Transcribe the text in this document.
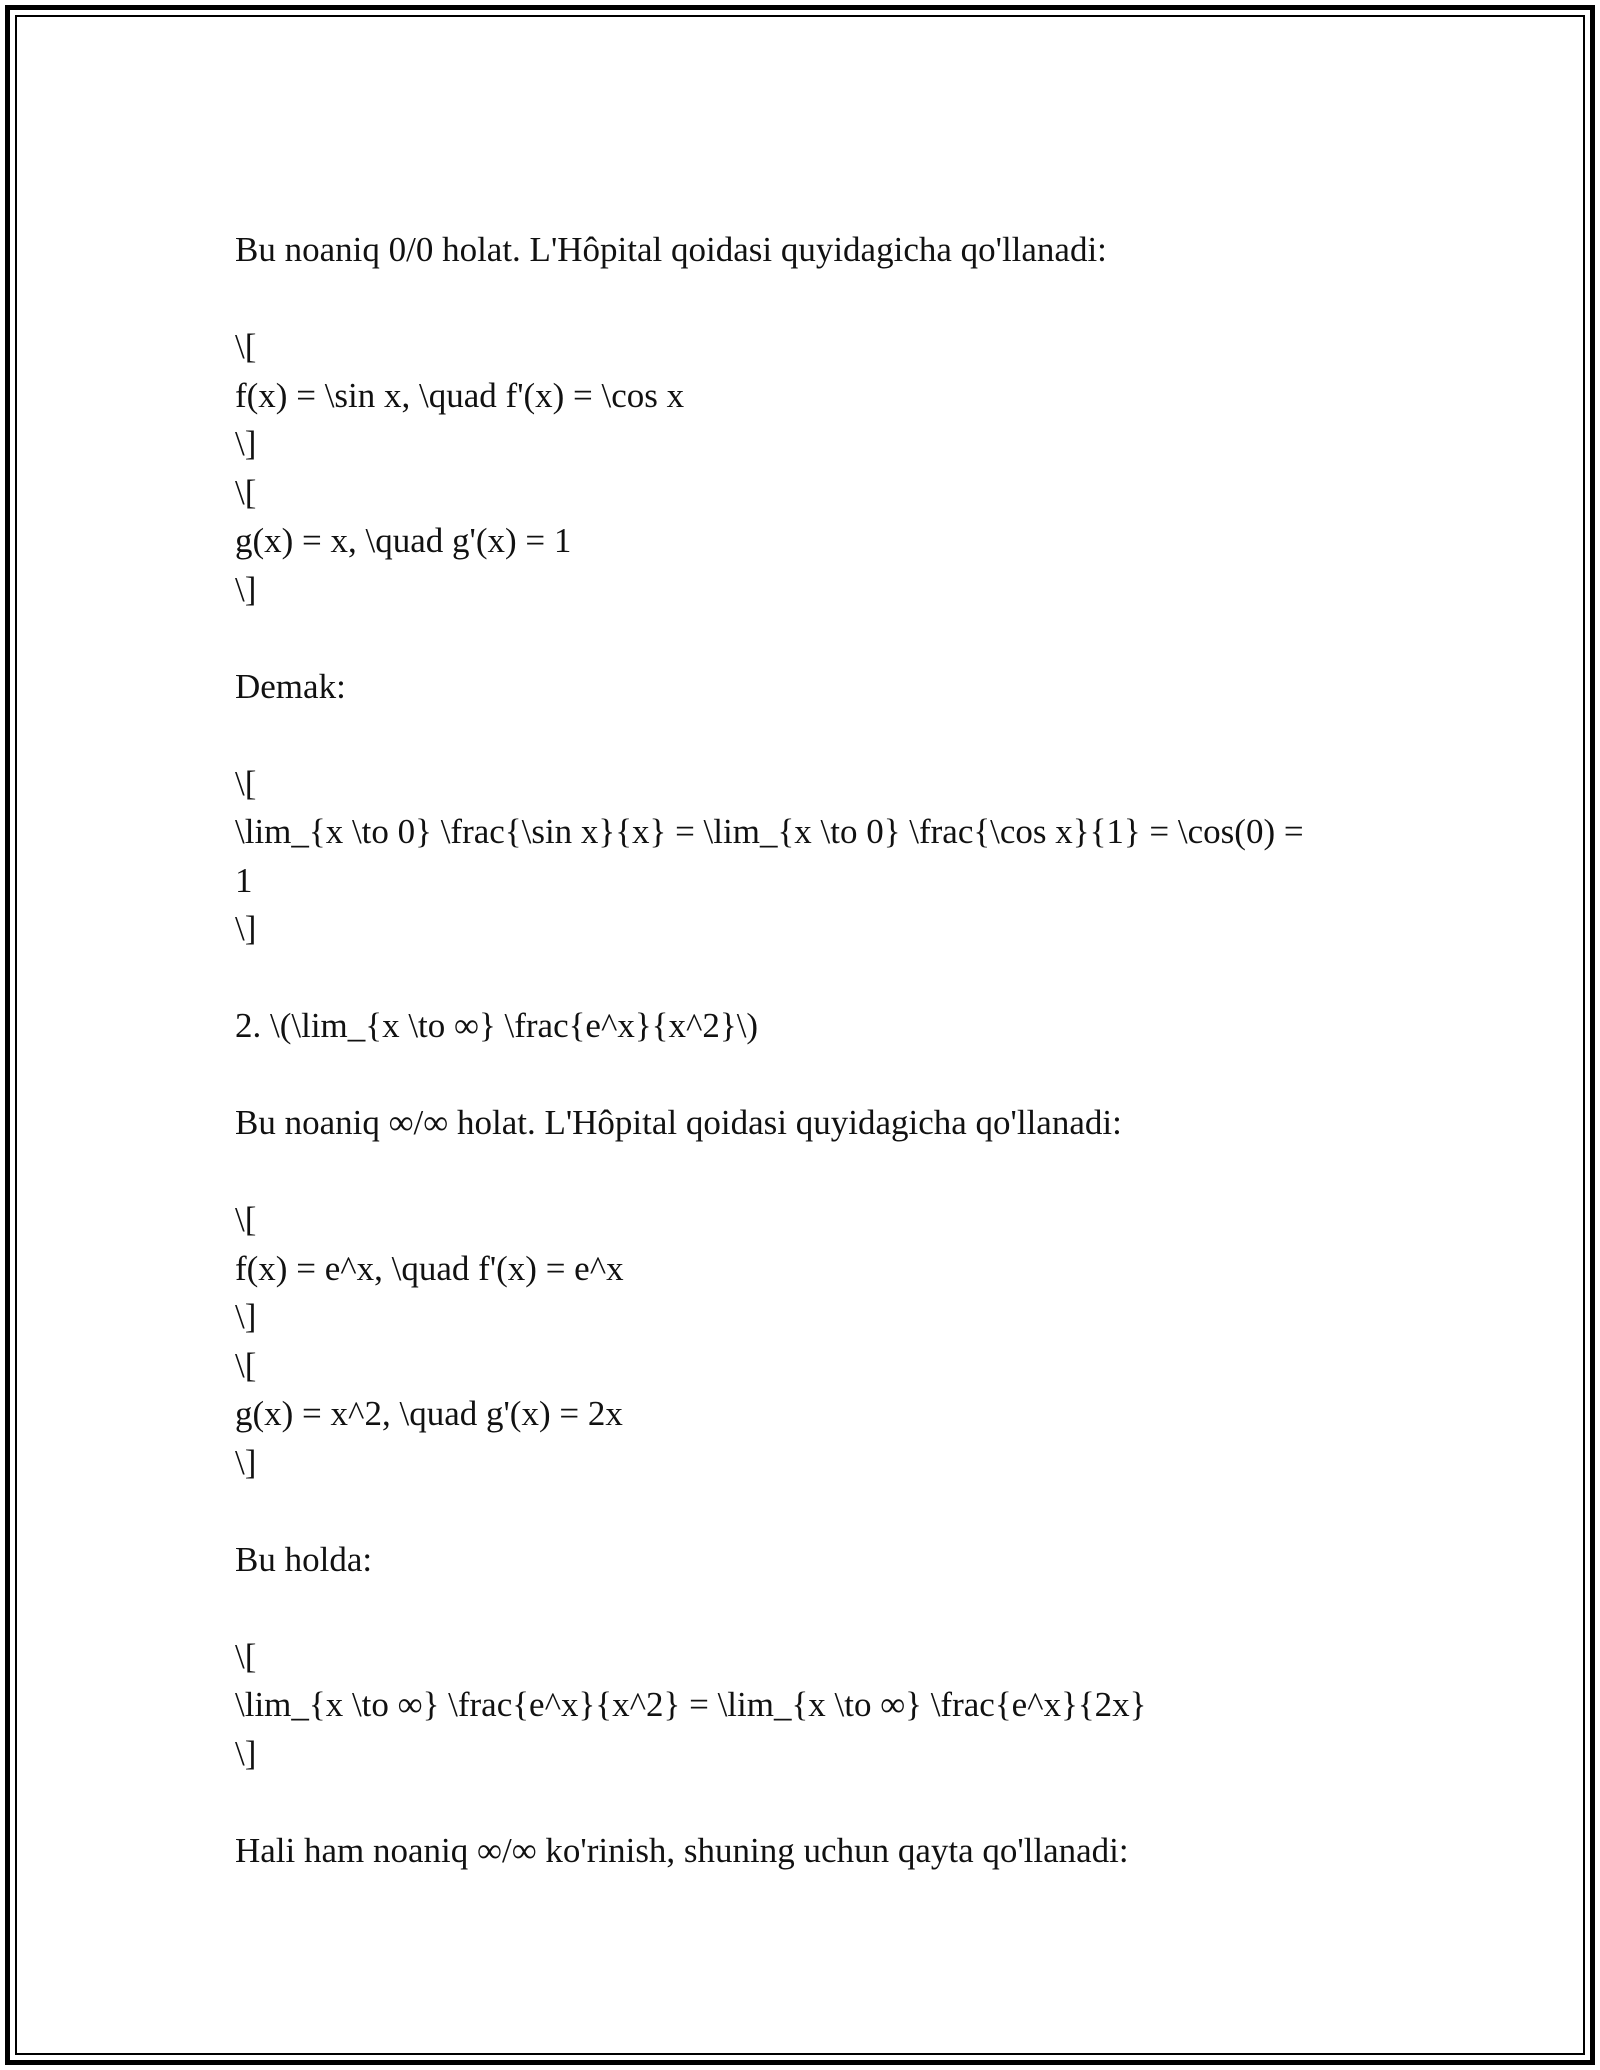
Bu noaniq 0/0 holat. L'Hôpital qoidasi quyidagicha qo'llanadi:
\[
f(x) = \sin x, \quad f'(x) = \cos x
\]
\[
g(x) = x, \quad g'(x) = 1
\]
Demak:
\[
\lim_{x \to 0} \frac{\sin x}{x} = \lim_{x \to 0} \frac{\cos x}{1} = \cos(0) =
1
\]
2. \(\lim_{x \to ∞} \frac{e^x}{x^2}\)
Bu noaniq ∞/∞ holat. L'Hôpital qoidasi quyidagicha qo'llanadi:
\[
f(x) = e^x, \quad f'(x) = e^x
\]
\[
g(x) = x^2, \quad g'(x) = 2x
\]
Bu holda:
\[
\lim_{x \to ∞} \frac{e^x}{x^2} = \lim_{x \to ∞} \frac{e^x}{2x}
\]
Hali ham noaniq ∞/∞ ko'rinish, shuning uchun qayta qo'llanadi:
